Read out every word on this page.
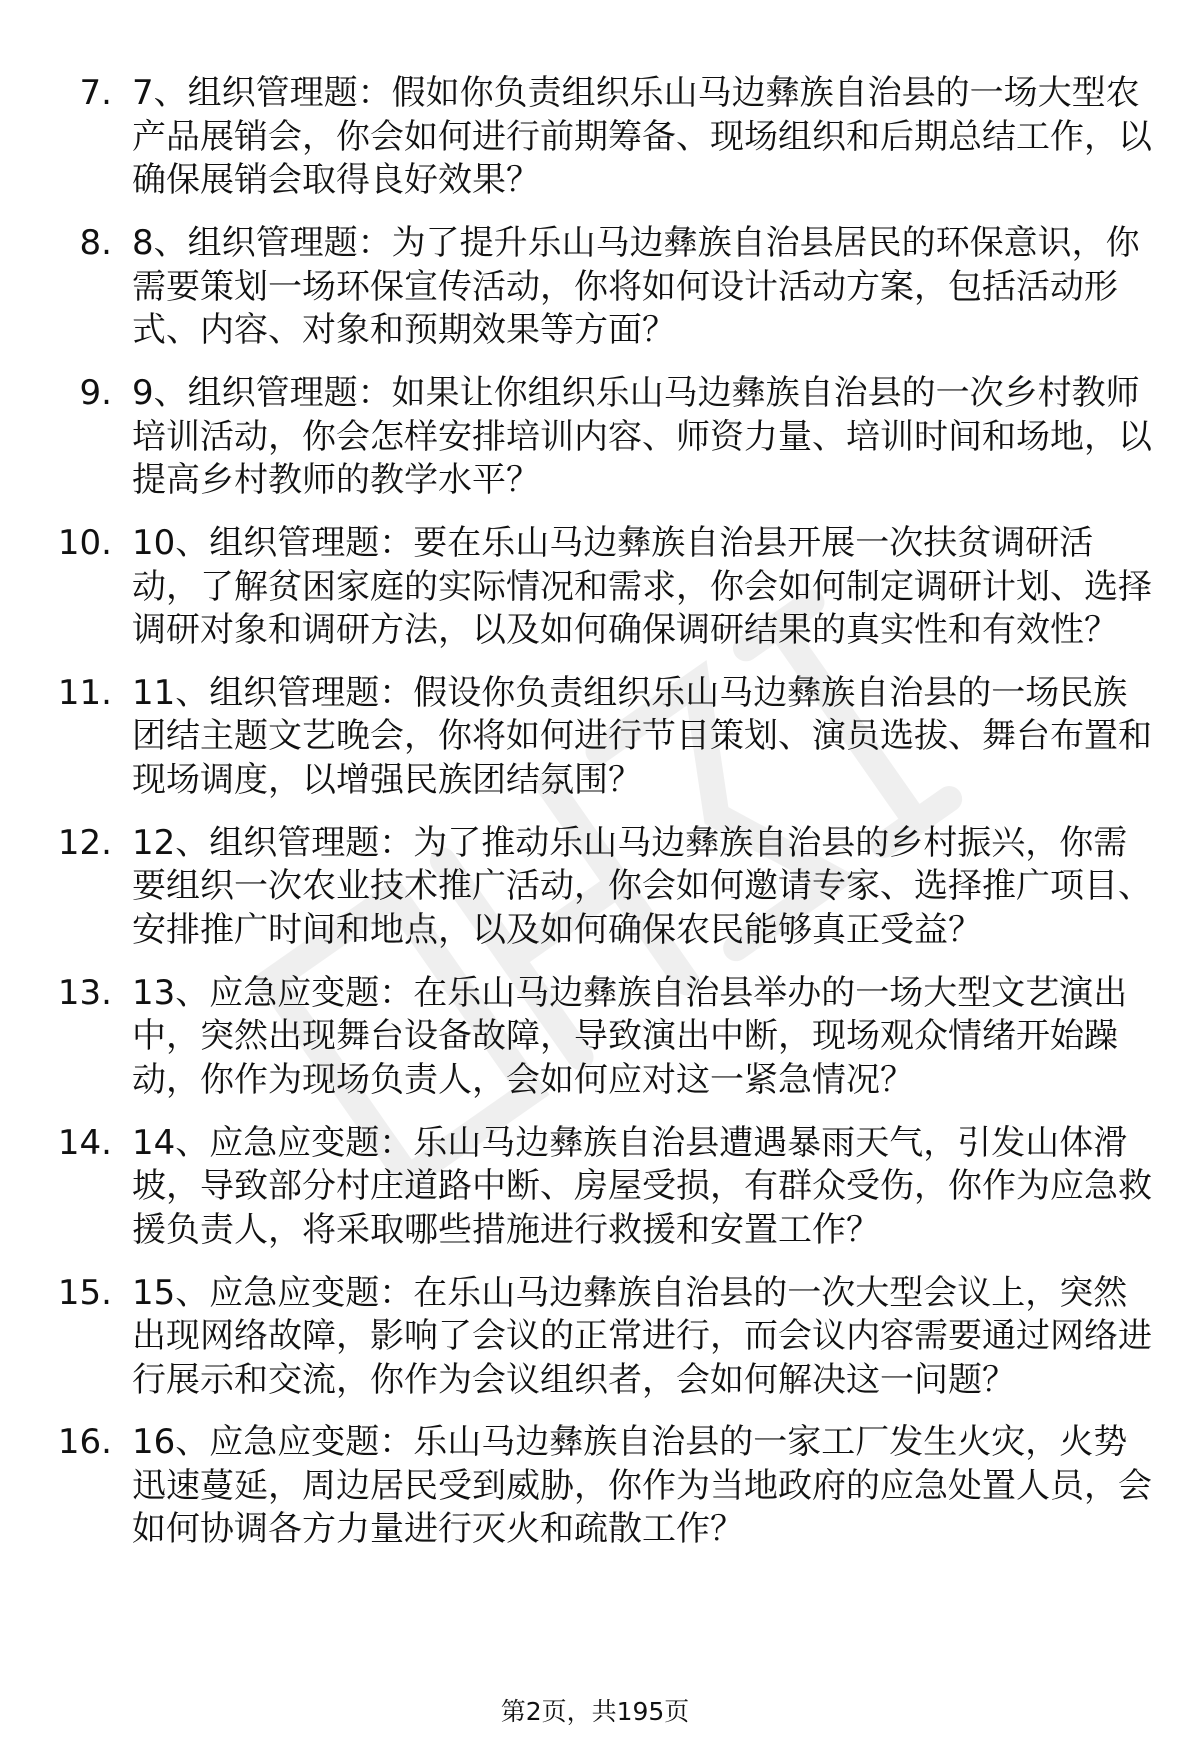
7. 7、组织管理题：假如你负责组织乐山马边彝族自治县的一场大型农产品展销会，你会如何进行前期筹备、现场组织和后期总结工作，以确保展销会取得良好效果？
8. 8、组织管理题：为了提升乐山马边彝族自治县居民的环保意识，你需要策划一场环保宣传活动，你将如何设计活动方案，包括活动形式、内容、对象和预期效果等方面？
9. 9、组织管理题：如果让你组织乐山马边彝族自治县的一次乡村教师培训活动，你会怎样安排培训内容、师资力量、培训时间和场地，以提高乡村教师的教学水平？
10. 10、组织管理题：要在乐山马边彝族自治县开展一次扶贫调研活动，了解贫困家庭的实际情况和需求，你会如何制定调研计划、选择调研对象和调研方法，以及如何确保调研结果的真实性和有效性？
11. 11、组织管理题：假设你负责组织乐山马边彝族自治县的一场民族团结主题文艺晚会，你将如何进行节目策划、演员选拔、舞台布置和现场调度，以增强民族团结氛围？
12. 12、组织管理题：为了推动乐山马边彝族自治县的乡村振兴，你需要组织一次农业技术推广活动，你会如何邀请专家、选择推广项目、安排推广时间和地点，以及如何确保农民能够真正受益？
13. 13、应急应变题：在乐山马边彝族自治县举办的一场大型文艺演出中，突然出现舞台设备故障，导致演出中断，现场观众情绪开始躁动，你作为现场负责人，会如何应对这一紧急情况？
14. 14、应急应变题：乐山马边彝族自治县遭遇暴雨天气，引发山体滑坡，导致部分村庄道路中断、房屋受损，有群众受伤，你作为应急救援负责人，将采取哪些措施进行救援和安置工作？
15. 15、应急应变题：在乐山马边彝族自治县的一次大型会议上，突然出现网络故障，影响了会议的正常进行，而会议内容需要通过网络进行展示和交流，你作为会议组织者，会如何解决这一问题？
16. 16、应急应变题：乐山马边彝族自治县的一家工厂发生火灾，火势迅速蔓延，周边居民受到威胁，你作为当地政府的应急处置人员，会如何协调各方力量进行灭火和疏散工作？
第2页，共195页
